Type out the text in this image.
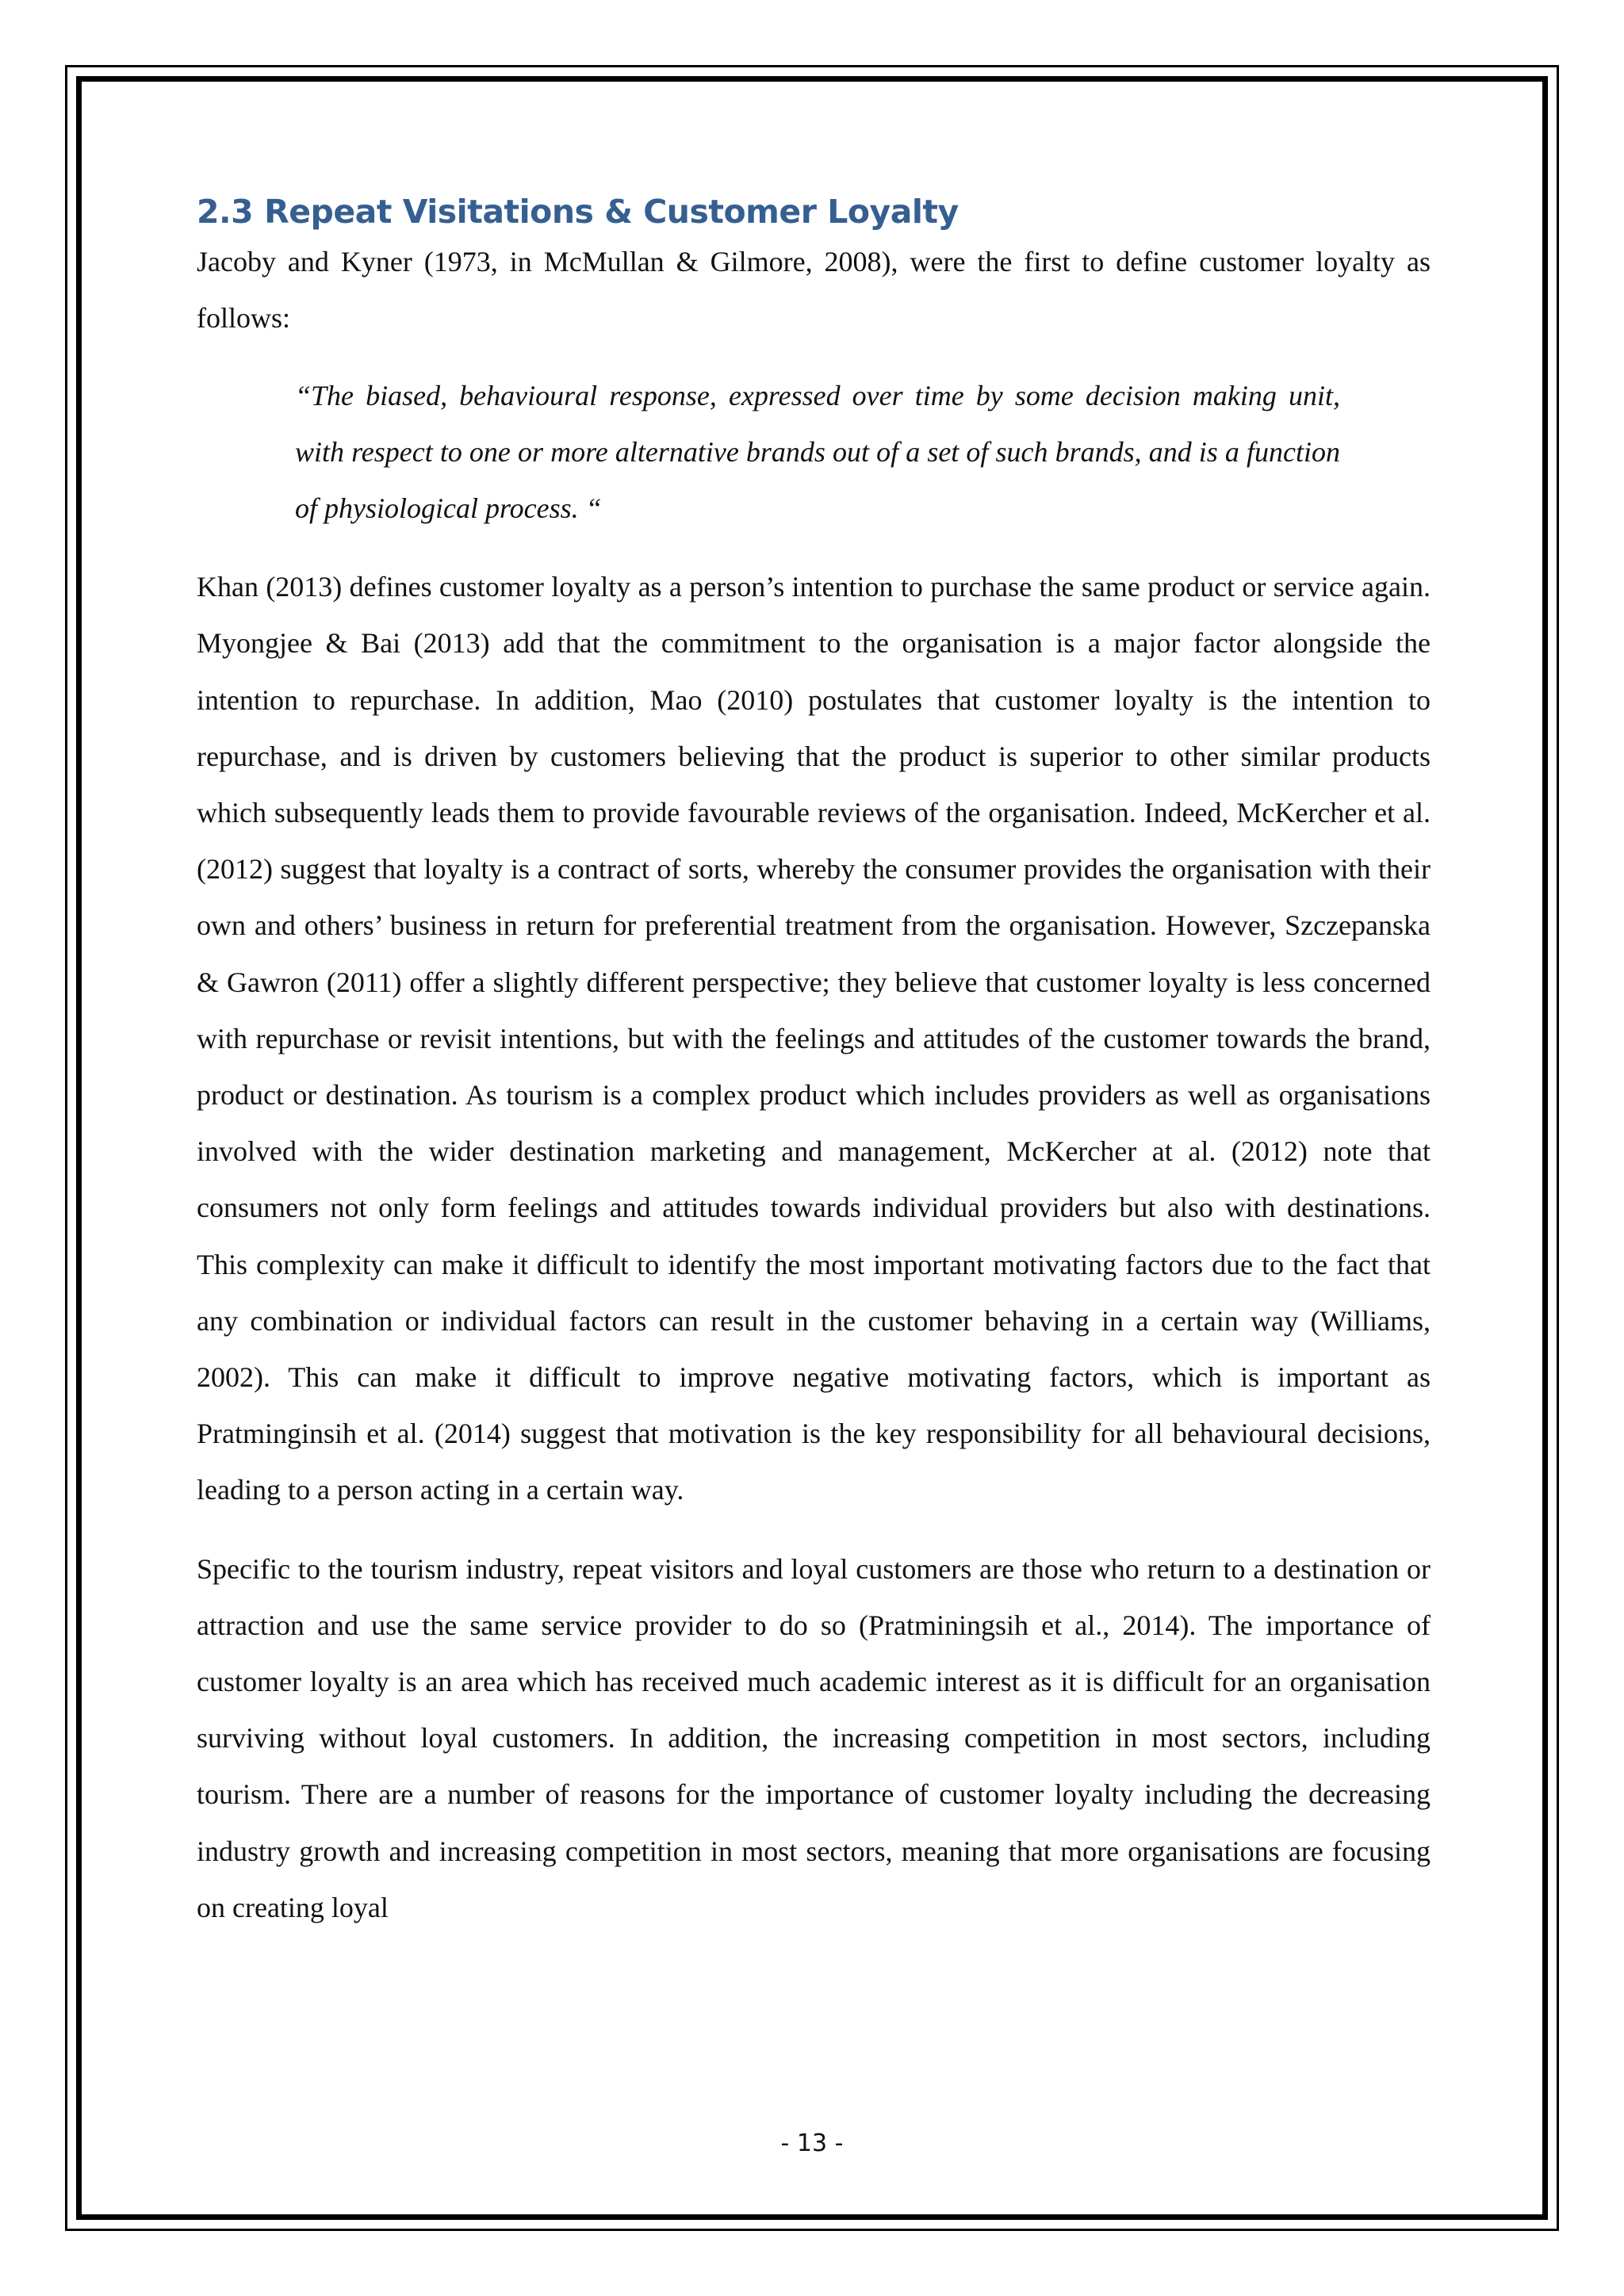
2.3 Repeat Visitations & Customer Loyalty

Jacoby and Kyner (1973, in McMullan & Gilmore, 2008), were the first to define customer loyalty as follows:

“The biased, behavioural response, expressed over time by some decision making unit, with respect to one or more alternative brands out of a set of such brands, and is a function of physiological process. “

Khan (2013) defines customer loyalty as a person’s intention to purchase the same product or service again. Myongjee & Bai (2013) add that the commitment to the organisation is a major factor alongside the intention to repurchase. In addition, Mao (2010) postulates that customer loyalty is the intention to repurchase, and is driven by customers believing that the product is superior to other similar products which subsequently leads them to provide favourable reviews of the organisation. Indeed, McKercher et al. (2012) suggest that loyalty is a contract of sorts, whereby the consumer provides the organisation with their own and others’ business in return for preferential treatment from the organisation. However, Szczepanska & Gawron (2011) offer a slightly different perspective; they believe that customer loyalty is less concerned with repurchase or revisit intentions, but with the feelings and attitudes of the customer towards the brand, product or destination. As tourism is a complex product which includes providers as well as organisations involved with the wider destination marketing and management, McKercher at al. (2012) note that consumers not only form feelings and attitudes towards individual providers but also with destinations. This complexity can make it difficult to identify the most important motivating factors due to the fact that any combination or individual factors can result in the customer behaving in a certain way (Williams, 2002). This can make it difficult to improve negative motivating factors, which is important as Pratminginsih et al. (2014) suggest that motivation is the key responsibility for all behavioural decisions, leading to a person acting in a certain way.

Specific to the tourism industry, repeat visitors and loyal customers are those who return to a destination or attraction and use the same service provider to do so (Pratminingsih et al., 2014). The importance of customer loyalty is an area which has received much academic interest as it is difficult for an organisation surviving without loyal customers. In addition, the increasing competition in most sectors, including tourism. There are a number of reasons for the importance of customer loyalty including the decreasing industry growth and increasing competition in most sectors, meaning that more organisations are focusing on creating loyal

- 13 -
